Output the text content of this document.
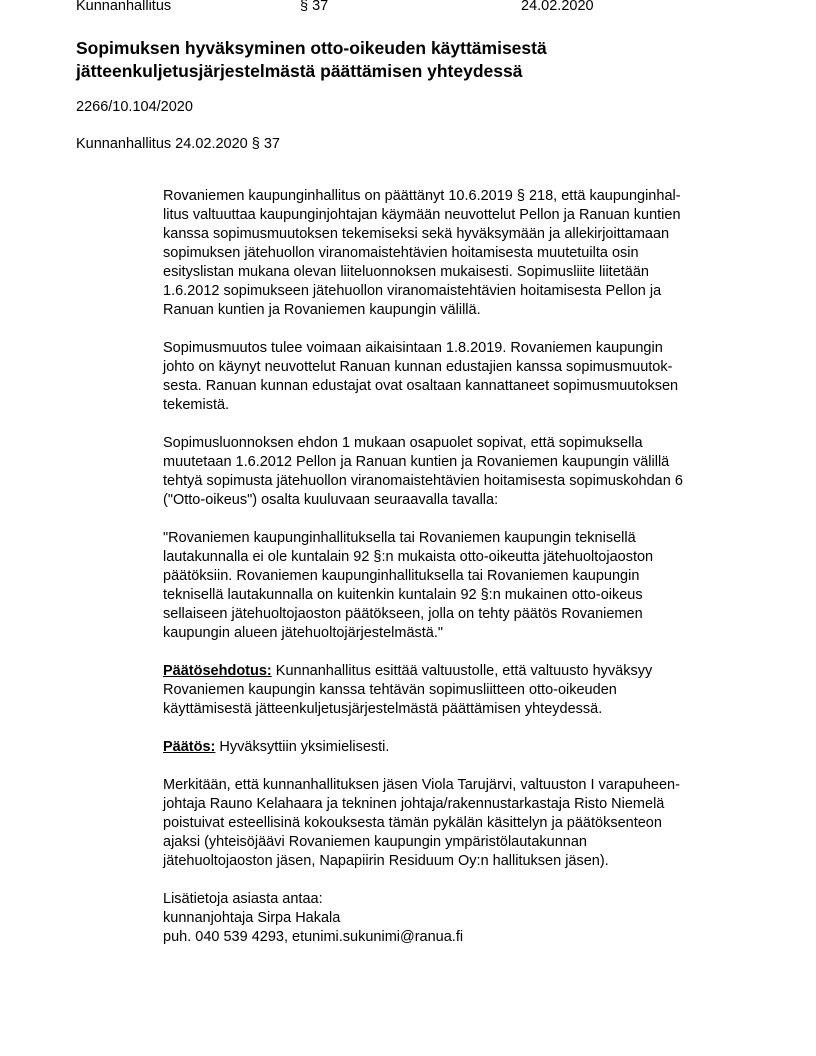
Kunnanhallitus	§ 37	24.02.2020
Sopimuksen hyväksyminen otto-oikeuden käyttämisestä
jätteenkuljetusjärjestelmästä päättämisen yhteydessä
2266/10.104/2020
Kunnanhallitus 24.02.2020 § 37
Rovaniemen kaupunginhallitus on päättänyt 10.6.2019 § 218, että kaupunginhal-
litus valtuuttaa kaupunginjohtajan käymään neuvottelut Pellon ja Ranuan kuntien
kanssa sopimusmuutoksen tekemiseksi sekä hyväksymään ja allekirjoittamaan
sopimuksen jätehuollon viranomaistehtävien hoitamisesta muutetuilta osin
esityslistan mukana olevan liiteluonnoksen mukaisesti. Sopimusliite liitetään
1.6.2012 sopimukseen jätehuollon viranomaistehtävien hoitamisesta Pellon ja
Ranuan kuntien ja Rovaniemen kaupungin välillä.
Sopimusmuutos tulee voimaan aikaisintaan 1.8.2019. Rovaniemen kaupungin
johto on käynyt neuvottelut Ranuan kunnan edustajien kanssa sopimusmuutok-
sesta. Ranuan kunnan edustajat ovat osaltaan kannattaneet sopimusmuutoksen
tekemistä.
Sopimusluonnoksen ehdon 1 mukaan osapuolet sopivat, että sopimuksella
muutetaan 1.6.2012 Pellon ja Ranuan kuntien ja Rovaniemen kaupungin välillä
tehtyä sopimusta jätehuollon viranomaistehtävien hoitamisesta sopimuskohdan 6
("Otto-oikeus") osalta kuuluvaan seuraavalla tavalla:
"Rovaniemen kaupunginhallituksella tai Rovaniemen kaupungin teknisellä
lautakunnalla ei ole kuntalain 92 §:n mukaista otto-oikeutta jätehuoltojaoston
päätöksiin. Rovaniemen kaupunginhallituksella tai Rovaniemen kaupungin
teknisellä lautakunnalla on kuitenkin kuntalain 92 §:n mukainen otto-oikeus
sellaiseen jätehuoltojaoston päätökseen, jolla on tehty päätös Rovaniemen
kaupungin alueen jätehuoltojärjestelmästä."
Päätösehdotus: Kunnanhallitus esittää valtuustolle, että valtuusto hyväksyy
Rovaniemen kaupungin kanssa tehtävän sopimusliitteen otto-oikeuden
käyttämisestä jätteenkuljetusjärjestelmästä päättämisen yhteydessä.
Päätös: Hyväksyttiin yksimielisesti.
Merkitään, että kunnanhallituksen jäsen Viola Tarujärvi, valtuuston I varapuheen-
johtaja Rauno Kelahaara ja tekninen johtaja/rakennustarkastaja Risto Niemelä
poistuivat esteellisinä kokouksesta tämän pykälän käsittelyn ja päätöksenteon
ajaksi (yhteisöjäävi Rovaniemen kaupungin ympäristölautakunnan
jätehuoltojaoston jäsen, Napapiirin Residuum Oy:n hallituksen jäsen).
Lisätietoja asiasta antaa:
kunnanjohtaja Sirpa Hakala
puh. 040 539 4293, etunimi.sukunimi@ranua.fi
